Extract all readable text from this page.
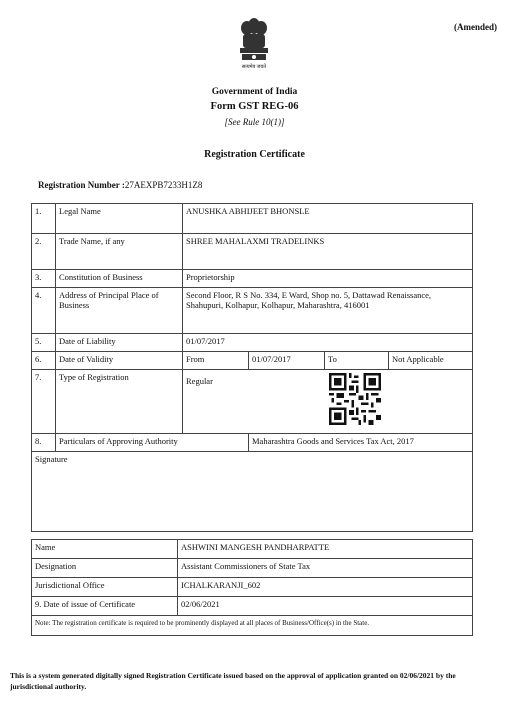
(Amended)
सत्यमेव जयते
Government of India
Form GST REG-06
[See Rule 10(1)]
Registration Certificate
Registration Number :27AEXPB7233H1Z8
1.	Legal Name	ANUSHKA ABHIJEET BHONSLE			
2.	Trade Name, if any	SHREE MAHALAXMI TRADELINKS			
3.	Constitution of Business	Proprietorship			
4.	Address of Principal Place of Business	Second Floor, R S No. 334, E Ward, Shop no. 5, Dattawad Renaissance, Shahupuri, Kolhapur, Kolhapur, Maharashtra, 416001			
5.	Date of Liability	01/07/2017			
6.	Date of Validity	From	01/07/2017	To	Not Applicable
7.	Type of Registration	Regular			

8.	Particulars of Approving Authority		Maharashtra Goods and Services Tax Act, 2017		
Signature					
Name	ASHWINI MANGESH PANDHARPATTE
Designation	Assistant Commissioners of State Tax
Jurisdictional Office	ICHALKARANJI_602
9. Date of issue of Certificate	02/06/2021
Note: The registration certificate is required to be prominently displayed at all places of Business/Office(s) in the State.	
This is a system generated digitally signed Registration Certificate issued based on the approval of application granted on 02/06/2021 by the jurisdictional authority.
